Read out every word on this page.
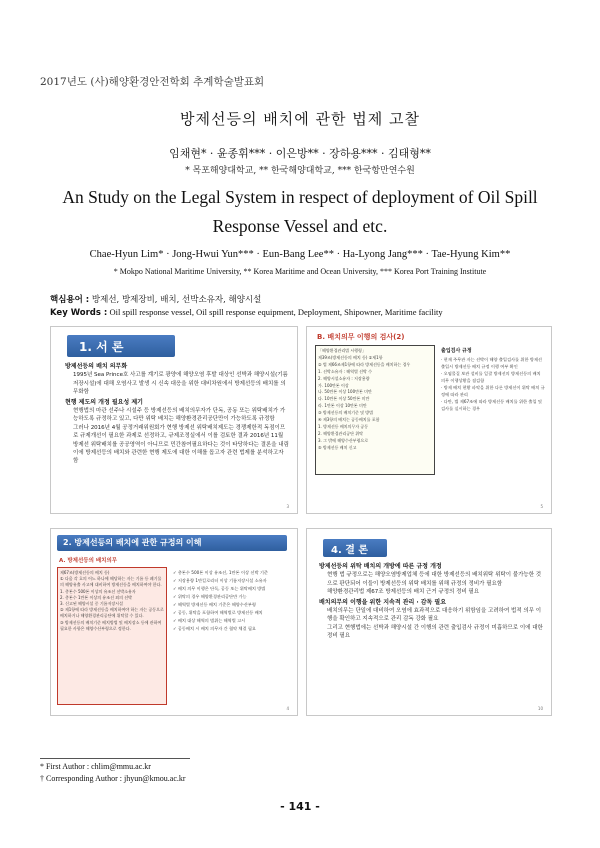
2017년도 (사)해양환경안전학회 추계학술발표회
방제선등의 배치에 관한 법제 고찰
임채현* · 윤종휘*** · 이은방** · 장하용*** · 김태형**
* 목포해양대학교, ** 한국해양대학교, *** 한국항만연수원
An Study on the Legal System in respect of deployment of Oil Spill Response Vessel and etc.
Chae-Hyun Lim* · Jong-Hwui Yun*** · Eun-Bang Lee** · Ha-Lyong Jang*** · Tae-Hyung Kim**
* Mokpo National Maritime University, ** Korea Maritime and Ocean University, *** Korea Port Training Institute
핵심용어 : 방제선, 방제장비, 배치, 선박소유자, 해양시설
Key Words : Oil spill response vessel, Oil spill response equipment, Deployment, Shipowner, Maritime facility
1. 서 론
방제선등의 배치 의무화
1995년 Sea Prince호 사고를 계기로 광양에 해양오염 후발 대상인 선박과 해양시설(기름저장시설)에 대해 오염사고 발생 시 신속 대응을 위한 대비차원에서 방제선등의 배치를 의무화함
현행 제도의 개정 필요성 제기
현행법의 마관 선주나 시설주 등 방제선등의 배치의무자가 단독, 공동 또는 위탁배치가 가능하도록 규정하고 있고, 다만 위탁 배치는 해양환경관리공단만이 가능하도록 규정함
그러나 2016년 4월 공정거래위원회가 현행 방제선 위탁배치제도는 경쟁제한적 독점이므로 규제개선이 필요한 과제로 선정하고, 규제조정실에서 이를 검토한 결과 2016년 11월 방제선 위탁배치를 공공영역이 아니므로 민간참여필요하다는 것이 타당하다는 결론을 내림
이에 방제선등의 배치와 관련한 현행 제도에 대한 이해를 돕고자 관련 법제를 분석하고자 함
3
B. 배치의무 이행의 검사(2)
「해양환경관리법 시행령」
제39조(방제선등의 배치 등) ①제1항
② 법 제66조제1항에 따라 방제선등을 배치하는 경우
1. 선박소유자 : 해역별 선박 수
2. 해양시설소유자 : 저장용량
가. 100만톤 이상
나. 50만톤 이상 100만톤 미만
다. 10만톤 이상 50만톤 미만
라. 1만톤 이상 10만톤 미만
③ 방제선등의 배치기준 및 방법
④ 제3항의 배치는 공동배치를 포함
1. 방제선등 배치의무자 공동
2. 해양환경관리공단 위탁
3. 그 밖에 해양수산부령으로
⑤ 방제선등 배치 신고
출입검사 규정
· 현재 주무관 자는 선박이 해양 출입검사를 위한 방제선 출입시 방제선등 배치 규정 이행 여부 확인
· 오염물질 보관 설비를 일괄 방제선의 방제선등의 배치 의무 이행상황을 점검함
· 방제 배치 현황 파악을 위한 다른 방제선이 위탁 배치 규정에 따라 관리
· 다만, 법 제67조에 따라 방제선등 배치를 위한 출입 및 검사를 실시하는 경우
5
2. 방제선등의 배치에 관한 규정의 이해
A. 방제선등의 배치의무
제67조(방제선등의 배치 등)
① 다음 각 호의 어느 하나에 해당하는 자는 기름 등 폐기물의 해양유출 사고에 대비하여 방제선등을 배치하여야 한다.
1. 총톤수 500톤 이상의 유조선 선박소유자
2. 총톤수 1만톤 이상의 유조선 외의 선박
3. 신고된 해양시설 중 기름저장시설
② 제1항에 따라 방제선등을 배치하여야 하는 자는 공동으로 배치하거나 해양환경관리공단에 위탁할 수 있다.
③ 방제선등의 배치기준 배치방법 및 배치장소 등에 관하여 필요한 사항은 해양수산부령으로 정한다.
✓ 총톤수 500톤 이상 유조선, 1만톤 이상 선박 기준
✓ 저장용량 1만킬로리터 이상 기름저장시설 소유자
✓ 배치 의무 이행은 단독, 공동 또는 위탁배치 방법
✓ 위탁의 경우 해양환경관리공단만 가능
✓ 해역별 방제선등 배치 기준은 해양수산부령
✓ 공동, 위탁을 포함하여 해역별로 방제선등 배치
✓ 배치 대상 해역의 범위는 해역별 고시
✓ 공동배치 시 배치 의무자 간 협약 체결 필요
4
4. 결 론
방제선등의 위탁 배치의 개방에 따른 규정 개정
현행 법 규정으로는 해양오염방제업체 등에 대한 방제선등의 배치위탁 위탁이 불가능한 것으로 판단되어 이들이 방제선등의 위탁 배치를 위해 규정의 정비가 필요함
해양환경관리법 제67조 방제선등의 배치 근거 규정의 정비 필요
배치의무의 이행을 위한 지속적 관리 · 감독 필요
배치의무는 단일에 대비하여 오염에 효과적으로 대응하기 위함임을 고려하여 법적 의무 이행을 확인하고 지속적으로 관리 감독 강화 필요
그리고 현행법에는 선박과 해양시설 간 이행의 관련 출입검사 규정이 미흡하므로 이에 대한 정비 필요
10
* First Author : chlim@mmu.ac.kr
† Corresponding Author : jhyun@kmou.ac.kr
- 141 -
